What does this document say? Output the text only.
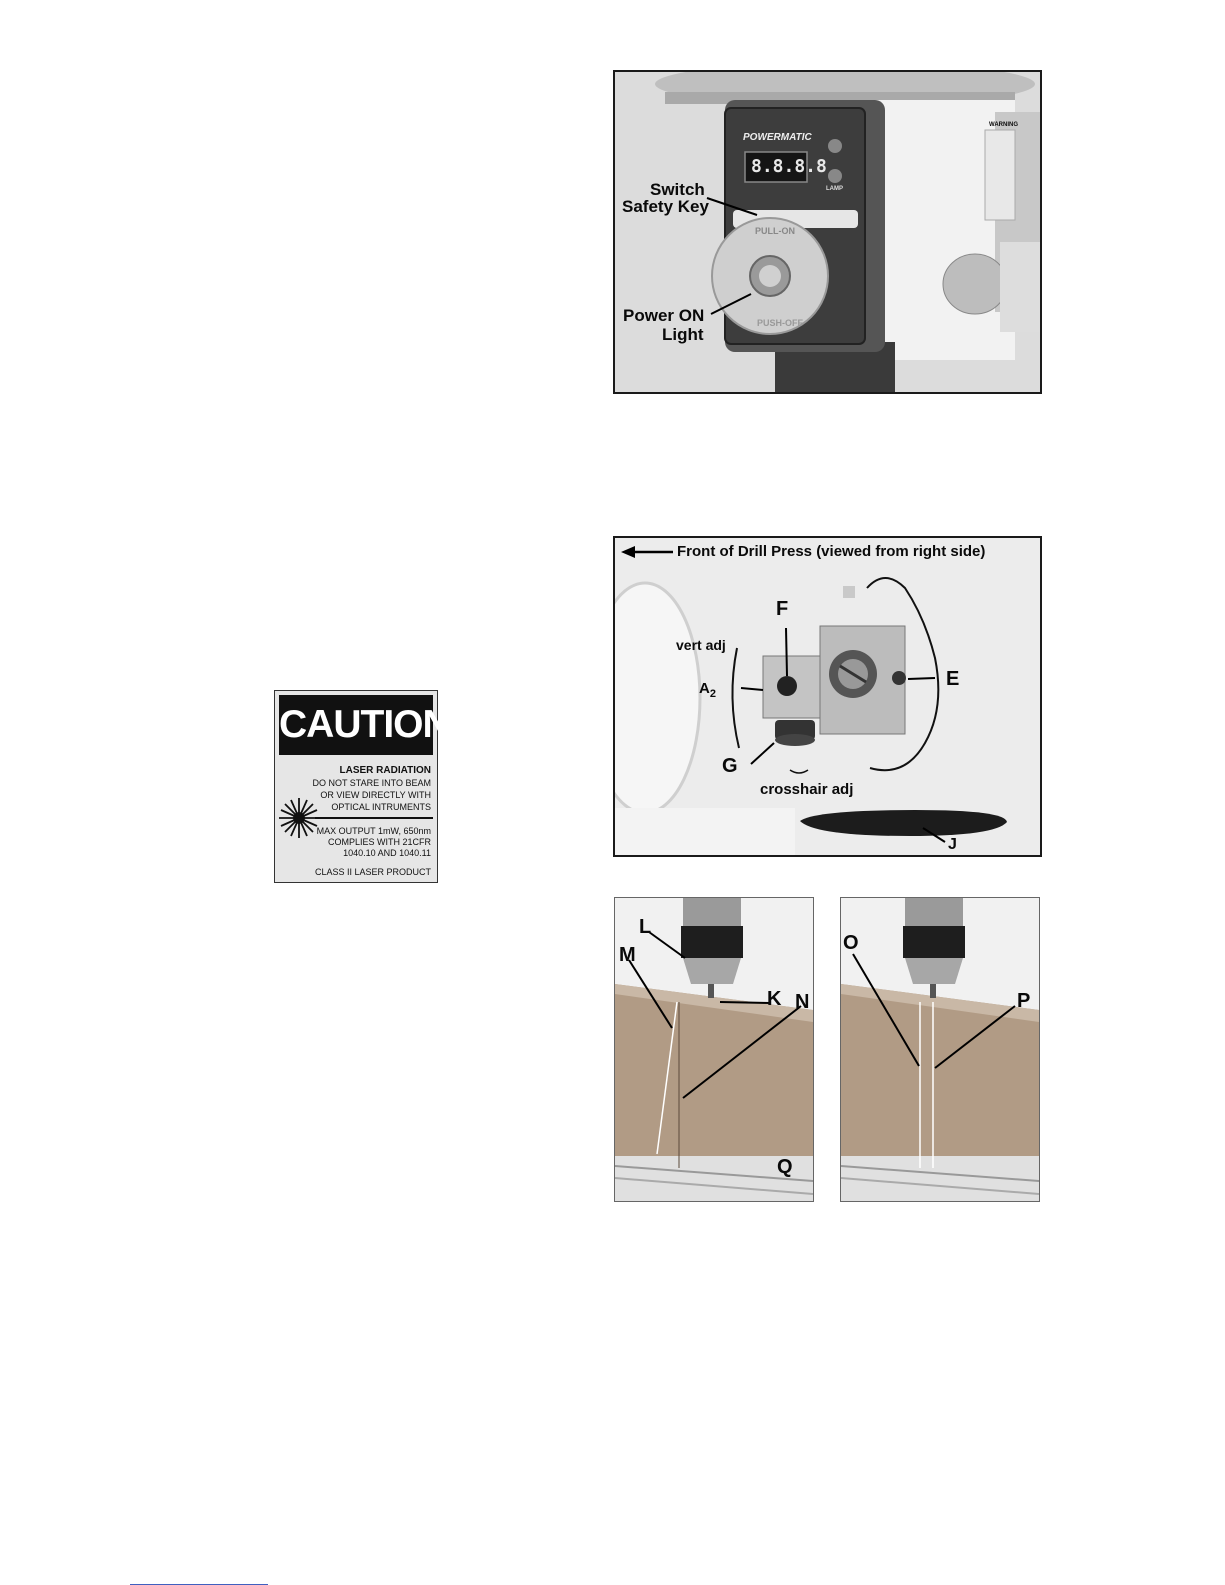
POWERMATIC
8.8.8.8
LAMP
PULL-ON
PUSH-OFF
WARNING
Switch
Safety Key
Power ON
Light
Front of Drill Press (viewed from right side)
F
E
$A_2$
G
J
vert adj
crosshair adj
CAUTION
LASER RADIATION
DO NOT STARE INTO BEAM
OR VIEW DIRECTLY WITH
OPTICAL INTRUMENTS
MAX OUTPUT 1mW, 650nm
COMPLIES WITH 21CFR
1040.10 AND 1040.11
CLASS II LASER PRODUCT
L
M
K N
Q
O
P
